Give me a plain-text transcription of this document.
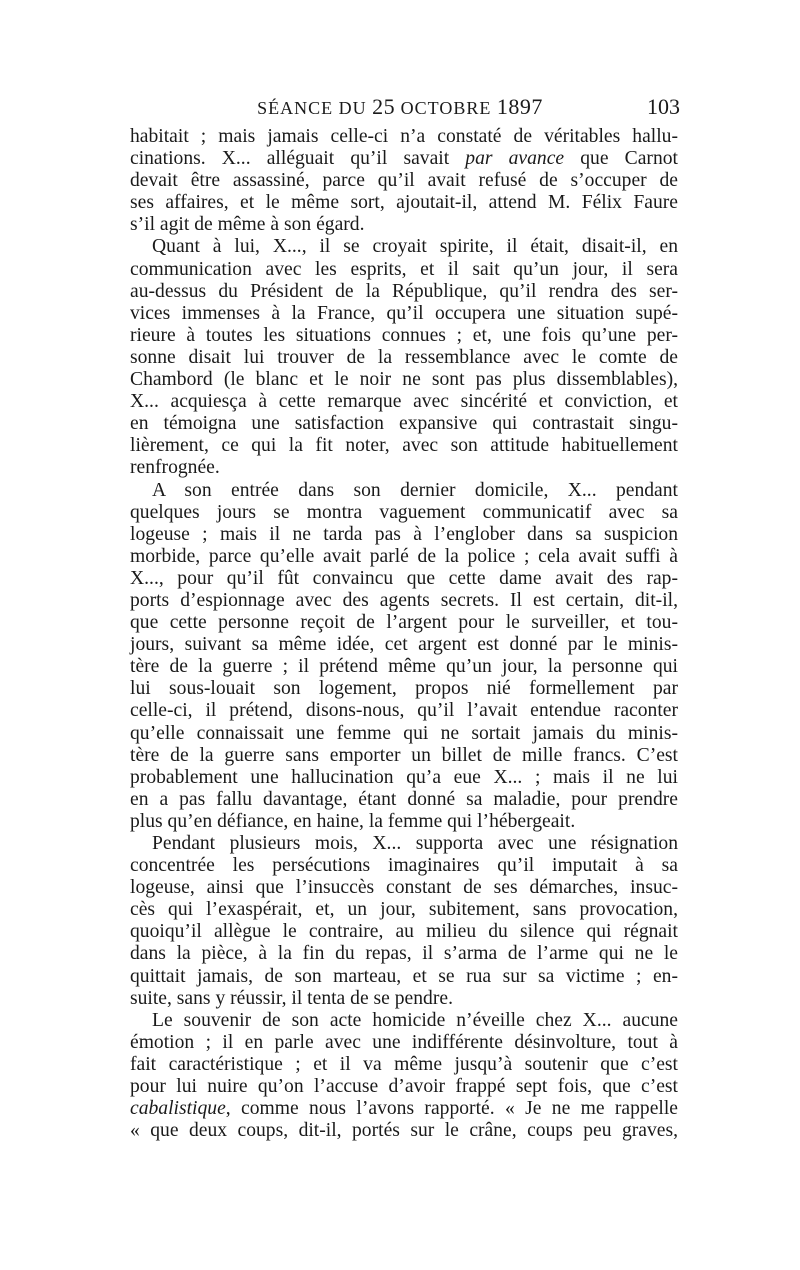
SÉANCE DU 25 OCTOBRE 1897	103
habitait ; mais jamais celle-ci n’a constaté de véritables hallu-
cinations. X... alléguait qu’il savait par avance que Carnot
devait être assassiné, parce qu’il avait refusé de s’occuper de
ses affaires, et le même sort, ajoutait-il, attend M. Félix Faure
s’il agit de même à son égard.
Quant à lui, X..., il se croyait spirite, il était, disait-il, en
communication avec les esprits, et il sait qu’un jour, il sera
au-dessus du Président de la République, qu’il rendra des ser-
vices immenses à la France, qu’il occupera une situation supé-
rieure à toutes les situations connues ; et, une fois qu’une per-
sonne disait lui trouver de la ressemblance avec le comte de
Chambord (le blanc et le noir ne sont pas plus dissemblables),
X... acquiesça à cette remarque avec sincérité et conviction, et
en témoigna une satisfaction expansive qui contrastait singu-
lièrement, ce qui la fit noter, avec son attitude habituellement
renfrognée.
A son entrée dans son dernier domicile, X... pendant
quelques jours se montra vaguement communicatif avec sa
logeuse ; mais il ne tarda pas à l’englober dans sa suspicion
morbide, parce qu’elle avait parlé de la police ; cela avait suffi à
X..., pour qu’il fût convaincu que cette dame avait des rap-
ports d’espionnage avec des agents secrets. Il est certain, dit-il,
que cette personne reçoit de l’argent pour le surveiller, et tou-
jours, suivant sa même idée, cet argent est donné par le minis-
tère de la guerre ; il prétend même qu’un jour, la personne qui
lui sous-louait son logement, propos nié formellement par
celle-ci, il prétend, disons-nous, qu’il l’avait entendue raconter
qu’elle connaissait une femme qui ne sortait jamais du minis-
tère de la guerre sans emporter un billet de mille francs. C’est
probablement une hallucination qu’a eue X... ; mais il ne lui
en a pas fallu davantage, étant donné sa maladie, pour prendre
plus qu’en défiance, en haine, la femme qui l’hébergeait.
Pendant plusieurs mois, X... supporta avec une résignation
concentrée les persécutions imaginaires qu’il imputait à sa
logeuse, ainsi que l’insuccès constant de ses démarches, insuc-
cès qui l’exaspérait, et, un jour, subitement, sans provocation,
quoiqu’il allègue le contraire, au milieu du silence qui régnait
dans la pièce, à la fin du repas, il s’arma de l’arme qui ne le
quittait jamais, de son marteau, et se rua sur sa victime ; en-
suite, sans y réussir, il tenta de se pendre.
Le souvenir de son acte homicide n’éveille chez X... aucune
émotion ; il en parle avec une indifférente désinvolture, tout à
fait caractéristique ; et il va même jusqu’à soutenir que c’est
pour lui nuire qu’on l’accuse d’avoir frappé sept fois, que c’est
cabalistique, comme nous l’avons rapporté. « Je ne me rappelle
« que deux coups, dit-il, portés sur le crâne, coups peu graves,
